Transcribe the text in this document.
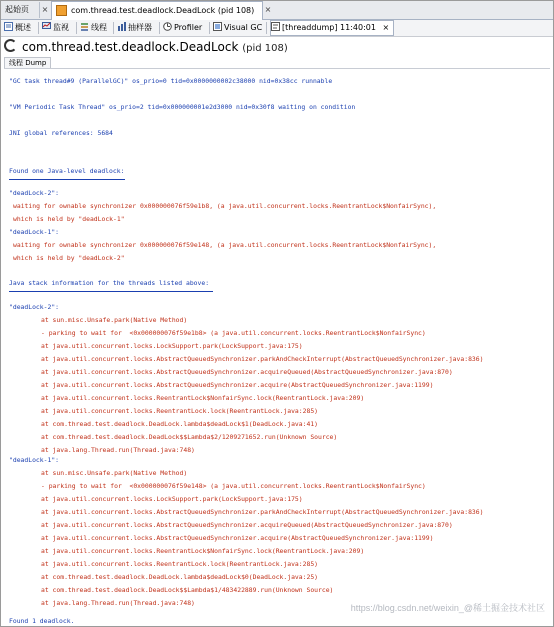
起始页	×	com.thread.test.deadlock.DeadLock (pid 108)	×
概述	监视	线程	抽样器	Profiler	Visual GC	[threaddump] 11:40:01 ×
com.thread.test.deadlock.DeadLock (pid 108)
线程 Dump

"GC task thread#9 (ParallelGC)" os_prio=0 tid=0x0000000002c38000 nid=0x38cc runnable

"VM Periodic Task Thread" os_prio=2 tid=0x000000001e2d3000 nid=0x30f8 waiting on condition

JNI global references: 5684

Found one Java-level deadlock:

"deadLock-2":

waiting for ownable synchronizer 0x000000076f59e1b8, (a java.util.concurrent.locks.ReentrantLock$NonfairSync),

which is held by "deadLock-1"

"deadLock-1":

waiting for ownable synchronizer 0x000000076f59e148, (a java.util.concurrent.locks.ReentrantLock$NonfairSync),

which is held by "deadLock-2"

Java stack information for the threads listed above:

"deadLock-2":

at sun.misc.Unsafe.park(Native Method)

- parking to wait for  <0x000000076f59e1b8> (a java.util.concurrent.locks.ReentrantLock$NonfairSync)

at java.util.concurrent.locks.LockSupport.park(LockSupport.java:175)

at java.util.concurrent.locks.AbstractQueuedSynchronizer.parkAndCheckInterrupt(AbstractQueuedSynchronizer.java:836)

at java.util.concurrent.locks.AbstractQueuedSynchronizer.acquireQueued(AbstractQueuedSynchronizer.java:870)

at java.util.concurrent.locks.AbstractQueuedSynchronizer.acquire(AbstractQueuedSynchronizer.java:1199)

at java.util.concurrent.locks.ReentrantLock$NonfairSync.lock(ReentrantLock.java:209)

at java.util.concurrent.locks.ReentrantLock.lock(ReentrantLock.java:285)

at com.thread.test.deadlock.DeadLock.lambda$deadLock$1(DeadLock.java:41)

at com.thread.test.deadlock.DeadLock$$Lambda$2/1209271652.run(Unknown Source)

at java.lang.Thread.run(Thread.java:748)

"deadLock-1":

at sun.misc.Unsafe.park(Native Method)

- parking to wait for  <0x000000076f59e148> (a java.util.concurrent.locks.ReentrantLock$NonfairSync)

at java.util.concurrent.locks.LockSupport.park(LockSupport.java:175)

at java.util.concurrent.locks.AbstractQueuedSynchronizer.parkAndCheckInterrupt(AbstractQueuedSynchronizer.java:836)

at java.util.concurrent.locks.AbstractQueuedSynchronizer.acquireQueued(AbstractQueuedSynchronizer.java:870)

at java.util.concurrent.locks.AbstractQueuedSynchronizer.acquire(AbstractQueuedSynchronizer.java:1199)

at java.util.concurrent.locks.ReentrantLock$NonfairSync.lock(ReentrantLock.java:209)

at java.util.concurrent.locks.ReentrantLock.lock(ReentrantLock.java:285)

at com.thread.test.deadlock.DeadLock.lambda$deadLock$0(DeadLock.java:25)

at com.thread.test.deadlock.DeadLock$$Lambda$1/483422889.run(Unknown Source)

at java.lang.Thread.run(Thread.java:748)

Found 1 deadlock.

https://blog.csdn.net/weixin_@稀土掘金技术社区
